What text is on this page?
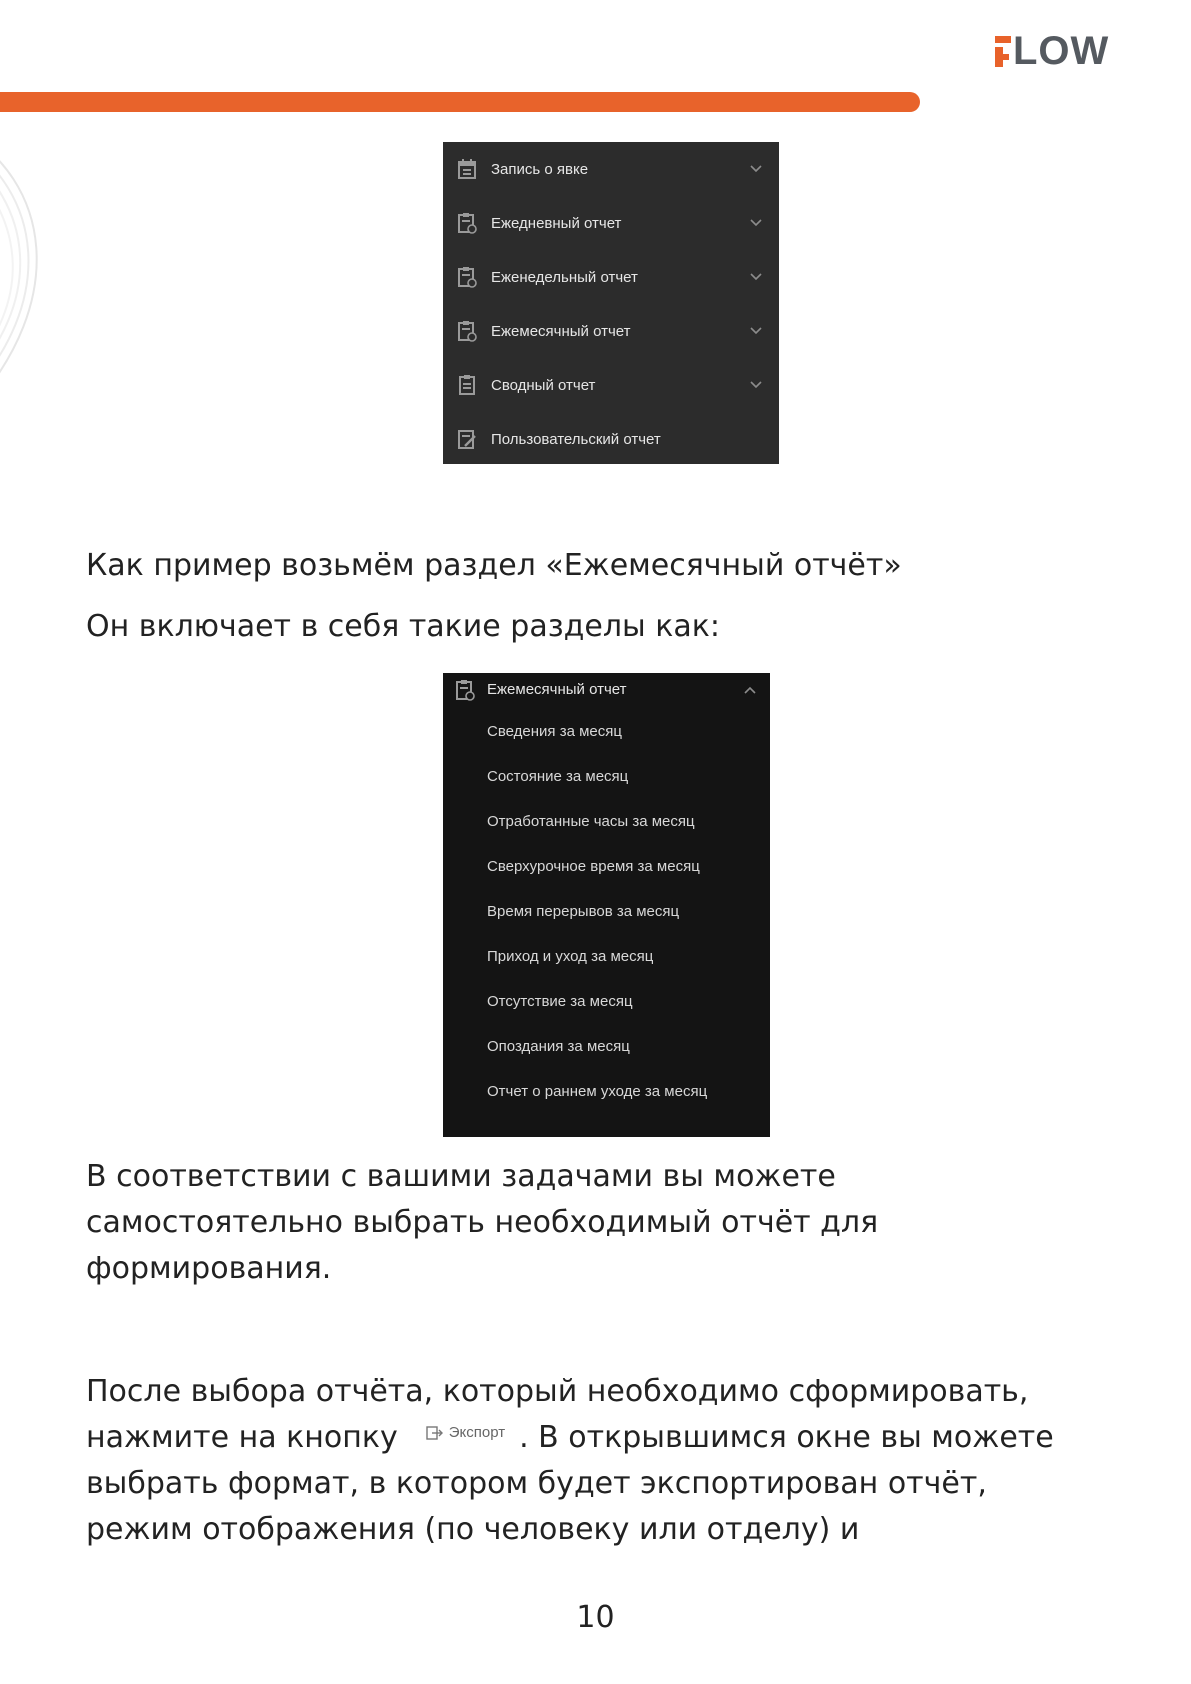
LOW
Запись о явке
Ежедневный отчет
Еженедельный отчет
Ежемесячный отчет
Сводный отчет
Пользовательский отчет
Как пример возьмём раздел «Ежемесячный отчёт»
Он включает в себя такие разделы как:
Ежемесячный отчет
Сведения за месяц
Состояние за месяц
Отработанные часы за месяц
Сверхурочное время за месяц
Время перерывов за месяц
Приход и уход за месяц
Отсутствие за месяц
Опоздания за месяц
Отчет о раннем уходе за месяц
В соответствии с вашими задачами вы можете
самостоятельно выбрать необходимый отчёт для
формирования.
После выбора отчёта, который необходимо сформировать,
нажмите на кнопку	Экспорт . В открывшимся окне вы можете
выбрать формат, в котором будет экспортирован отчёт,
режим отображения (по человеку или отделу) и
10
